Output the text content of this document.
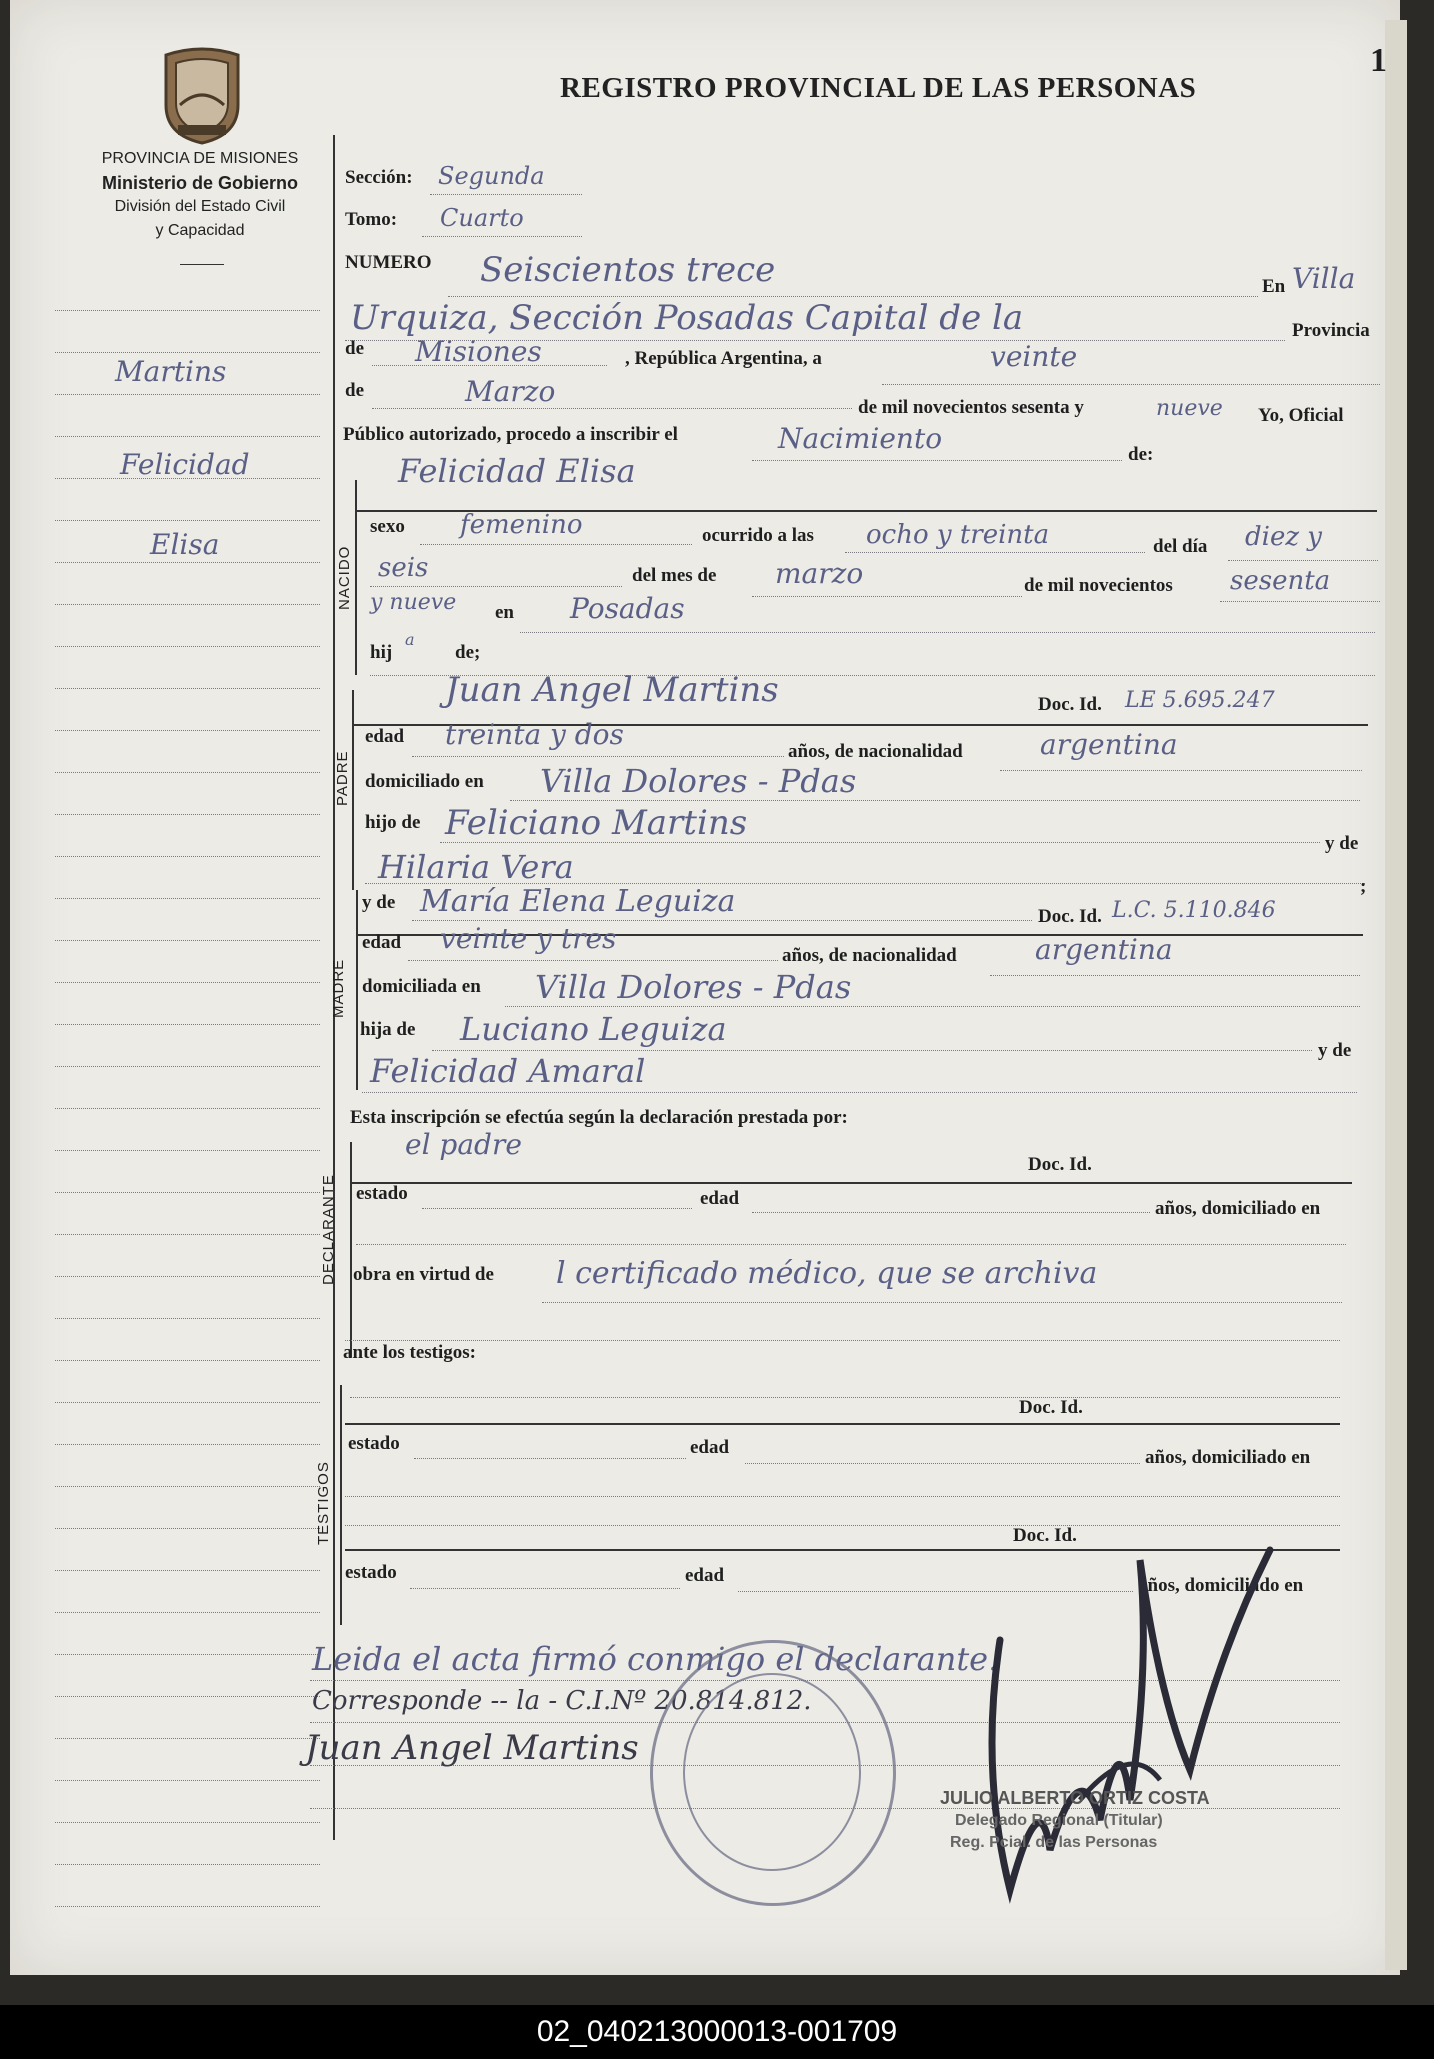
PROVINCIA DE MISIONES
Ministerio de Gobierno
División del Estado Civil
y Capacidad
REGISTRO PROVINCIAL DE LAS PERSONAS
1
Martins
Felicidad
Elisa
Sección: Segunda
Tomo: Cuarto
NUMERO Seiscientos trece	En Villa
Urquiza, Sección Posadas Capital de la	Provincia
de Misiones	, República Argentina, a	veinte
de	Marzo	de mil novecientos sesenta y	nueve Yo, Oficial
Público autorizado, procedo a inscribir el	Nacimiento	de:
Felicidad Elisa
NACIDO
sexo femenino	ocurrido a las ocho y treinta	del día diez y
seis	del mes de marzo	de mil novecientos sesenta
y nueve en Posadas
hij
a
de;
Juan Angel Martins	Doc. Id. LE 5.695.247
PADRE
edad treinta y dos
años, de nacionalidad	argentina
domiciliado en Villa Dolores - Pdas
hijo de Feliciano Martins
y de
Hilaria Vera
;
y de María Elena Leguiza	Doc. Id. L.C. 5.110.846
MADRE
edad veinte y tres
años, de nacionalidad	argentina
domiciliada en Villa Dolores - Pdas
hija de Luciano Leguiza
y de
Felicidad Amaral
Esta inscripción se efectúa según la declaración prestada por:
el padre
Doc. Id.
DECLARANTE estado	edad	años, domiciliado en
obra en virtud de l certificado médico, que se archiva
ante los testigos:
Doc. Id.
TESTIGOS
estado	edad	años, domiciliado en
Doc. Id.
estado	edad	años, domiciliado en
Leida el acta firmó conmigo el declarante.
Corresponde -- la - C.I.Nº 20.814.812.
Juan Angel Martins
JULIO ALBERTO ORTIZ COSTA
Delegado Regional (Titular)
Reg. Pcial. de las Personas
02_040213000013-001709
